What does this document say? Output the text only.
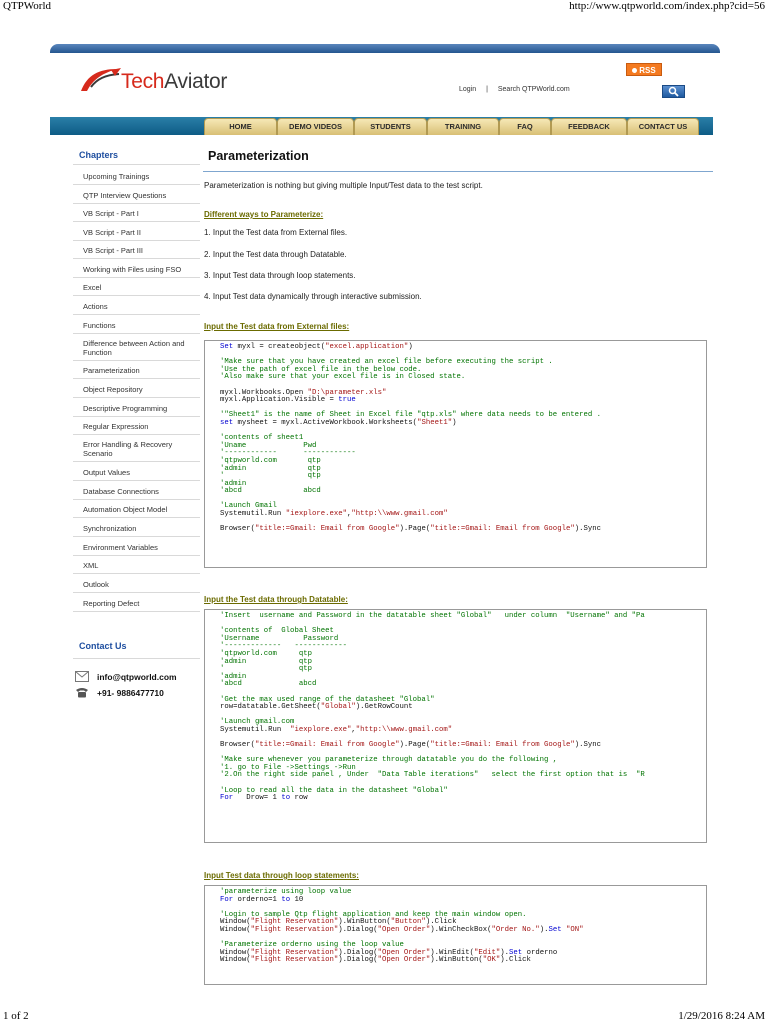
QTPWorld	http://www.qtpworld.com/index.php?cid=56
TechAviator	RSS
Login | Search QTPWorld.com
HOME	DEMO VIDEOS	STUDENTS	TRAINING	FAQ	FEEDBACK	CONTACT US
Chapters
Upcoming Trainings
QTP Interview Questions
VB Script - Part I
VB Script - Part II
VB Script - Part III
Working with Files using FSO
Excel
Actions
Functions
Difference between Action and Function
Parameterization
Object Repository
Descriptive Programming
Regular Expression
Error Handling & Recovery Scenario
Output Values
Database Connections
Automation Object Model
Synchronization
Environment Variables
XML
Outlook
Reporting Defect
Contact Us
info@qtpworld.com
+91- 9886477710
Parameterization

Parameterization is nothing but giving multiple Input/Test data to the test script.

Different ways to Parameterize:
1. Input the Test data from External files.
2. Input the Test data through Datatable.
3. Input Test data through loop statements.
4. Input Test data dynamically through interactive submission.
Input the Test data from External files:
Set myxl = createobject("excel.application")
'Make sure that you have created an excel file before executing the script .
'Use the path of excel file in the below code.
'Also make sure that your excel file is in Closed state.
myxl.Workbooks.Open "D:\parameter.xls"
myxl.Application.Visible = true
'"Sheet1" is the name of Sheet in Excel file "qtp.xls" where data needs to be entered .
set mysheet = myxl.ActiveWorkbook.Worksheets("Sheet1")
'contents of sheet1
'Uname             Pwd
'------------      ------------
'qtpworld.com       qtp
'admin              qtp
'                   qtp
'admin
'abcd              abcd
'Launch Gmail
Systemutil.Run "iexplore.exe","http:\\www.gmail.com"
Browser("title:=Gmail: Email from Google").Page("title:=Gmail: Email from Google").Sync
Input the Test data through Datatable:
'Insert  username and Password in the datatable sheet "Global"   under column  "Username" and "Pa
'contents of  Global Sheet
'Username          Password
'-------------   ------------
'qtpworld.com     qtp
'admin            qtp
'                 qtp
'admin
'abcd             abcd
'Get the max used range of the datasheet "Global"
row=datatable.GetSheet("Global").GetRowCount
'Launch gmail.com
Systemutil.Run  "iexplore.exe","http:\\www.gmail.com"
Browser("title:=Gmail: Email from Google").Page("title:=Gmail: Email from Google").Sync
'Make sure whenever you parameterize through datatable you do the following ,
'1. go to File ->Settings ->Run
'2.On the right side panel , Under  "Data Table iterations"   select the first option that is  "R
'Loop to read all the data in the datasheet "Global"
For   Drow= 1 to row
Input Test data through loop statements:
'parameterize using loop value
For orderno=1 to 10
'Login to sample Qtp flight application and keep the main window open.
Window("Flight Reservation").WinButton("Button").Click
Window("Flight Reservation").Dialog("Open Order").WinCheckBox("Order No.").Set "ON"
'Parameterize orderno using the loop value
Window("Flight Reservation").Dialog("Open Order").WinEdit("Edit").Set orderno
Window("Flight Reservation").Dialog("Open Order").WinButton("OK").Click
1 of 2	1/29/2016 8:24 AM
